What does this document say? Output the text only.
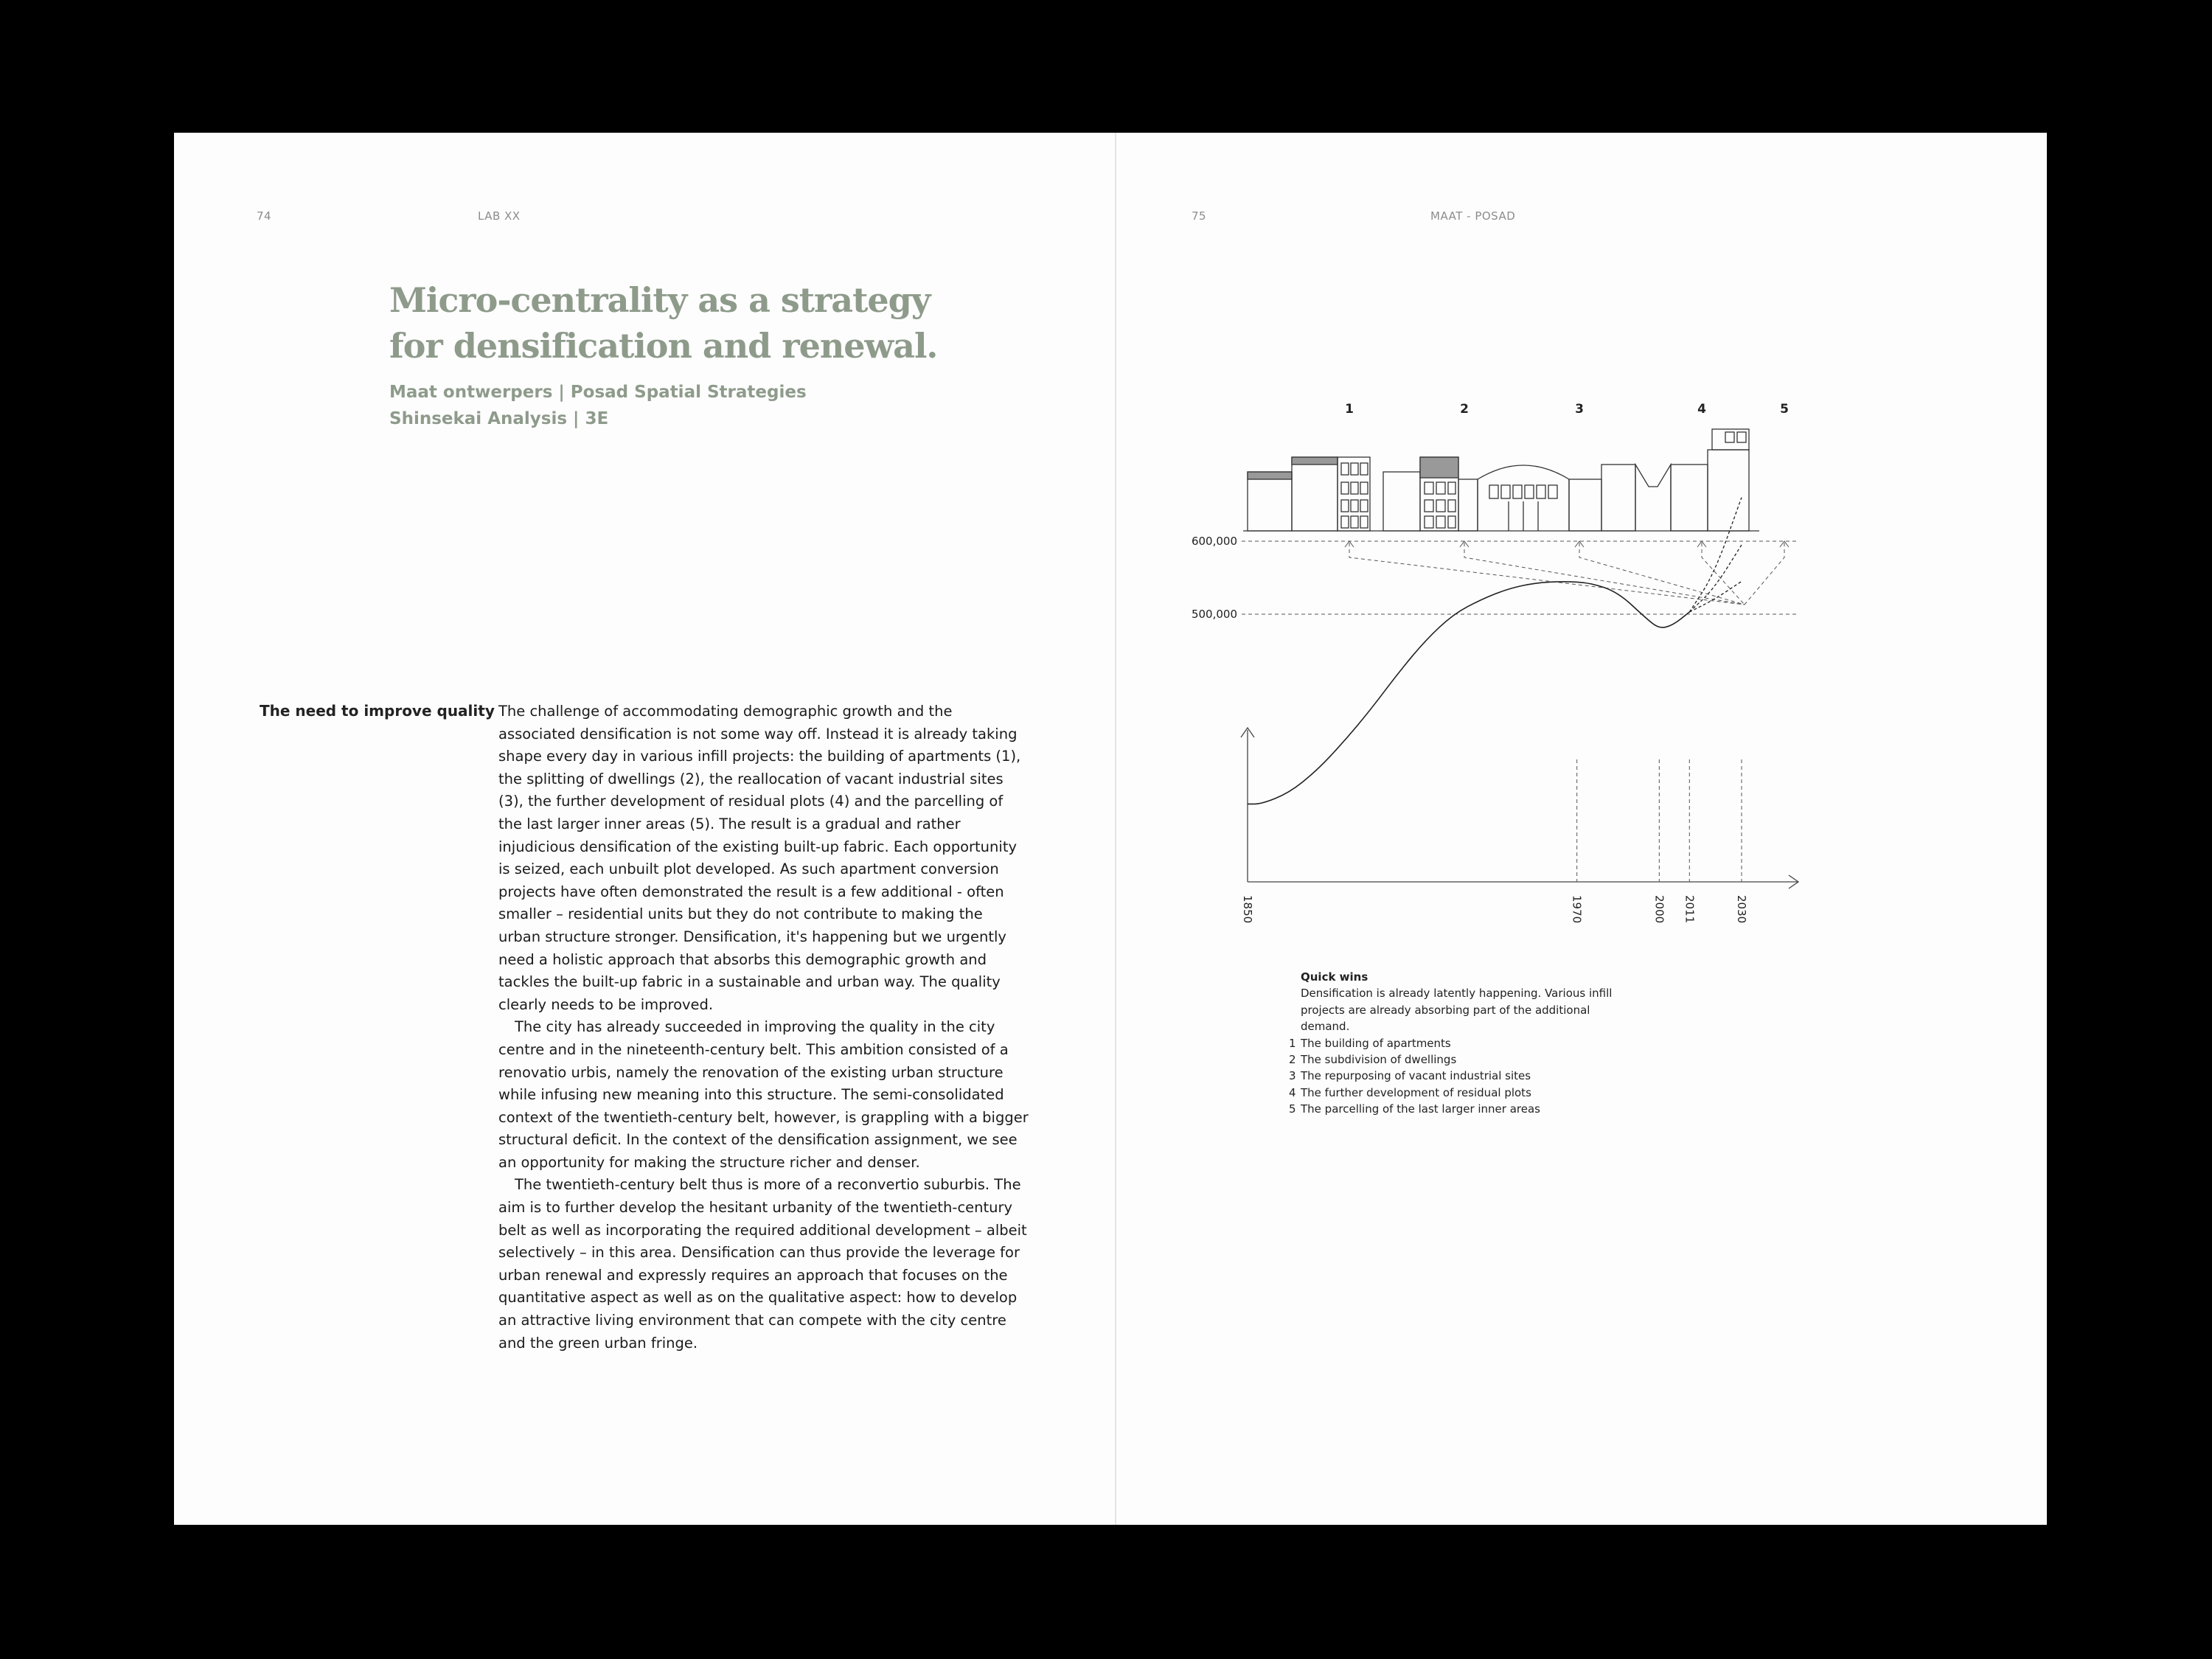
74	LAB XX
Micro-centrality as a strategy
for densification and renewal.
Maat ontwerpers | Posad Spatial Strategies
Shinsekai Analysis | 3E
The need to improve quality The challenge of accommodating demographic growth and the associated densification is not some way off. Instead it is already taking shape every day in various infill projects: the building of apartments (1), the splitting of dwellings (2), the reallocation of vacant industrial sites (3), the further development of residual plots (4) and the parcelling of the last larger inner areas (5). The result is a gradual and rather injudicious densification of the existing built-up fabric. Each opportunity is seized, each unbuilt plot developed. As such apartment conversion projects have often demonstrated the result is a few additional - often smaller – residential units but they do not contribute to making the urban structure stronger. Densification, it's happening but we urgently need a holistic approach that absorbs this demographic growth and tackles the built-up fabric in a sustainable and urban way. The quality clearly needs to be improved.

The city has already succeeded in improving the quality in the city centre and in the nineteenth-century belt. This ambition consisted of a renovatio urbis, namely the renovation of the existing urban structure while infusing new meaning into this structure. The semi-consolidated context of the twentieth-century belt, however, is grappling with a bigger structural deficit. In the context of the densification assignment, we see an opportunity for making the structure richer and denser.

The twentieth-century belt thus is more of a reconvertio suburbis. The aim is to further develop the hesitant urbanity of the twentieth-century belt as well as incorporating the required additional development – albeit selectively – in this area. Densification can thus provide the leverage for urban renewal and expressly requires an approach that focuses on the quantitative aspect as well as on the qualitative aspect: how to develop an attractive living environment that can compete with the city centre and the green urban fringe.

75	MAAT - POSAD
1	2	3	4	5
600,000
500,000
1850	1970	2000 2011	2030
Quick wins
Densification is already latently happening. Various infill projects are already absorbing part of the additional demand.
1 The building of apartments
2 The subdivision of dwellings
3 The repurposing of vacant industrial sites
4 The further development of residual plots
5 The parcelling of the last larger inner areas
